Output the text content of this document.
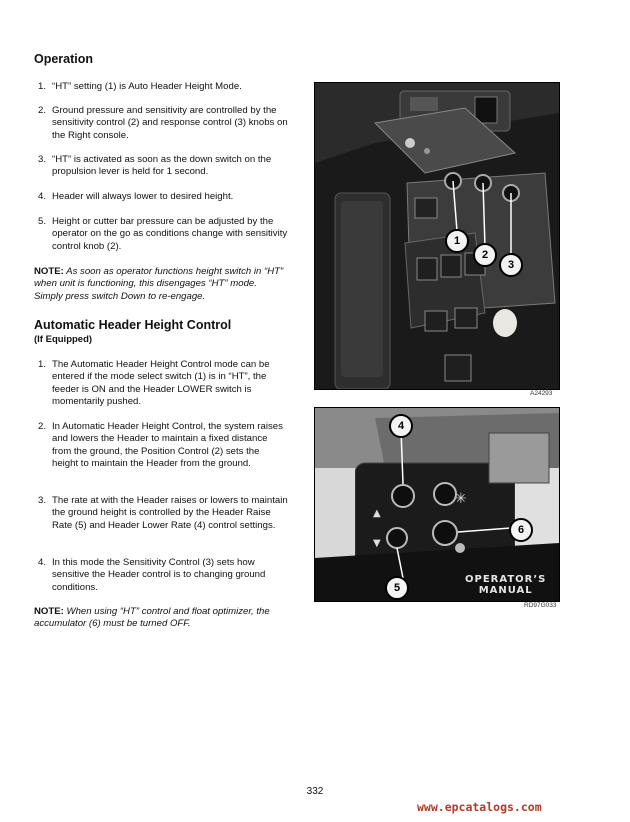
Operation
1. “HT” setting (1) is Auto Header Height Mode.
2. Ground pressure and sensitivity are controlled by the sensitivity control (2) and response control (3) knobs on the Right console.
3. “HT” is activated as soon as the down switch on the propulsion lever is held for 1 second.
4. Header will always lower to desired height.
5. Height or cutter bar pressure can be adjusted by the operator on the go as conditions change with sensitivity control knob (2).
NOTE: As soon as operator functions height switch in “HT” when unit is functioning, this disengages “HT” mode. Simply press switch Down to re-engage.
Automatic Header Height Control
(If Equipped)
1. The Automatic Header Height Control mode can be entered if the mode select switch (1) is in “HT”, the feeder is ON and the Header LOWER switch is momentarily pushed.
2. In Automatic Header Height Control, the system raises and lowers the Header to maintain a fixed distance from the ground, the Position Control (2) sets the height to maintain the Header from the ground.
3. The rate at with the Header raises or lowers to maintain the ground height is controlled by the Header Raise Rate (5) and Header Lower Rate (4) control settings.
4. In this mode the Sensitivity Control (3) sets how sensitive the Header control is to changing ground conditions.
NOTE: When using “HT” control and float optimizer, the accumulator (6) must be turned OFF.
1
2
3
A24293
✳
▲
▼
4
6
5
OPERATOR’S
MANUAL
RD97G033
332
www.epcatalogs.com
